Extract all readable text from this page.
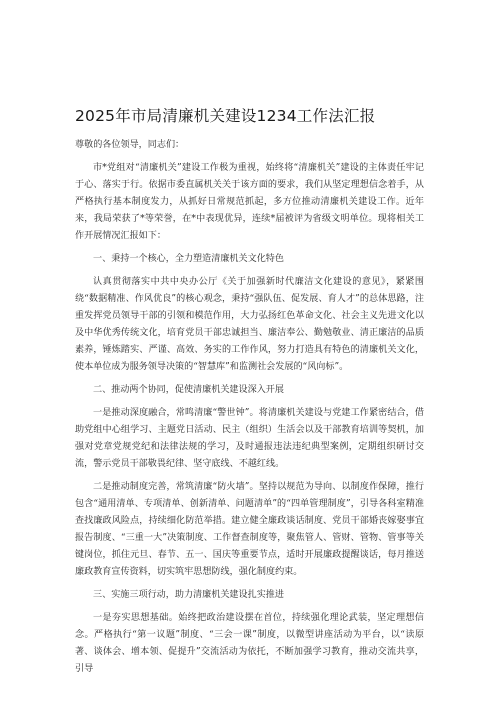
2025年市局清廉机关建设1234工作法汇报

尊敬的各位领导，同志们：

市*党组对“清廉机关”建设工作极为重视，始终将“清廉机关”建设的主体责任牢记于心、落实于行。依据市委直属机关关于该方面的要求，我们从坚定理想信念着手，从严格执行基本制度发力，从抓好日常规范抓起，多方位推动清廉机关建设工作。近年来，我局荣获了*等荣誉，在*中表现优异，连续*届被评为省级文明单位。现将相关工作开展情况汇报如下：

一、秉持一个核心，全力塑造清廉机关文化特色

认真贯彻落实中共中央办公厅《关于加强新时代廉洁文化建设的意见》，紧紧围绕“数据精准、作风优良”的核心观念，秉持“强队伍、促发展、育人才”的总体思路，注重发挥党员领导干部的引领和模范作用，大力弘扬红色革命文化、社会主义先进文化以及中华优秀传统文化，培育党员干部忠诚担当、廉洁奉公、勤勉敬业、清正廉洁的品质素养，锤炼踏实、严谨、高效、务实的工作作风，努力打造具有特色的清廉机关文化，使本单位成为服务领导决策的“智慧库”和监测社会发展的“风向标”。

二、推动两个协同，促使清廉机关建设深入开展

一是推动深度融合，常鸣清廉“警世钟”。将清廉机关建设与党建工作紧密结合，借助党组中心组学习、主题党日活动、民主（组织）生活会以及干部教育培训等契机，加强对党章党规党纪和法律法规的学习，及时通报违法违纪典型案例，定期组织研讨交流，警示党员干部敬畏纪律、坚守底线、不越红线。

二是推动制度完善，常筑清廉“防火墙”。坚持以规范为导向、以制度作保障，推行包含“通用清单、专项清单、创新清单、问题清单”的“四单管理制度”，引导各科室精准查找廉政风险点，持续细化防范举措。建立健全廉政谈话制度、党员干部婚丧嫁娶事宜报告制度、“三重一大”决策制度、工作督查制度等，聚焦管人、管财、管物、管事等关键岗位，抓住元旦、春节、五一、国庆等重要节点，适时开展廉政提醒谈话，每月推送廉政教育宣传资料，切实筑牢思想防线，强化制度约束。

三、实施三项行动，助力清廉机关建设扎实推进

一是夯实思想基础。始终把政治建设摆在首位，持续强化理论武装，坚定理想信念。严格执行“第一议题”制度、“三会一课”制度，以微型讲座活动为平台，以“读原著、谈体会、增本领、促提升”交流活动为依托，不断加强学习教育，推动交流共享，引导
